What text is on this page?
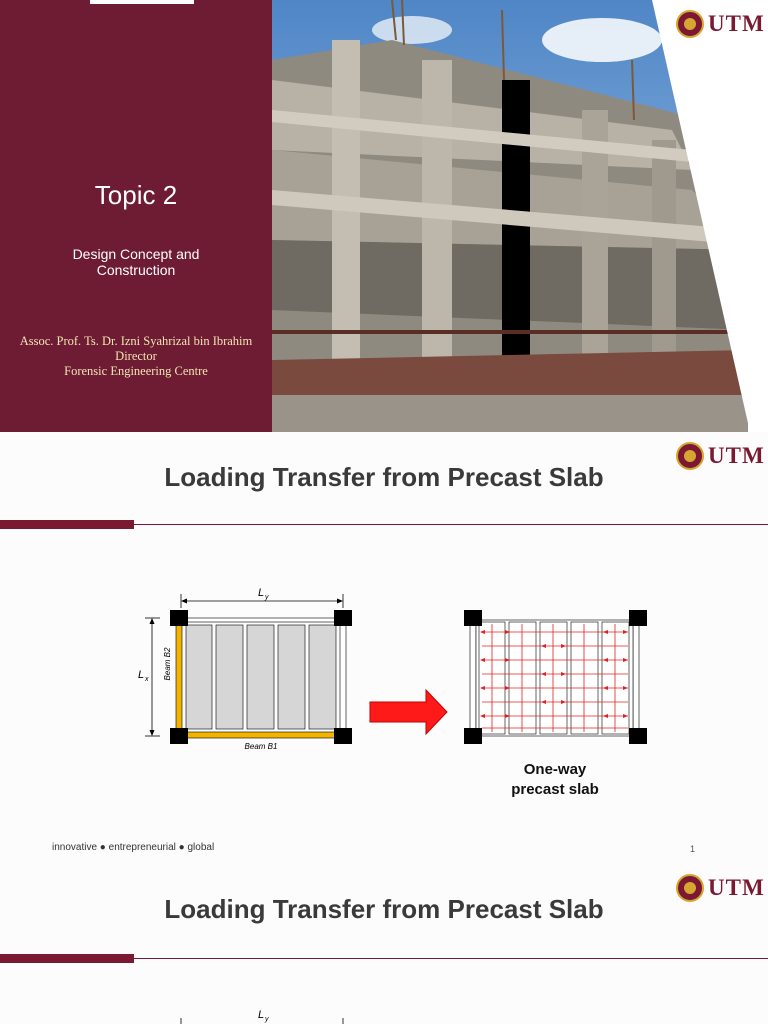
Topic 2
Design Concept and
Construction
Assoc. Prof. Ts. Dr. Izni Syahrizal bin Ibrahim
Director
Forensic Engineering Centre
UTM
UTM
Loading Transfer from Precast Slab
L y
L x Beam B2
Beam B1
One-way
precast slab
innovative ● entrepreneurial ● global	1
UTM
Loading Transfer from Precast Slab
L y
